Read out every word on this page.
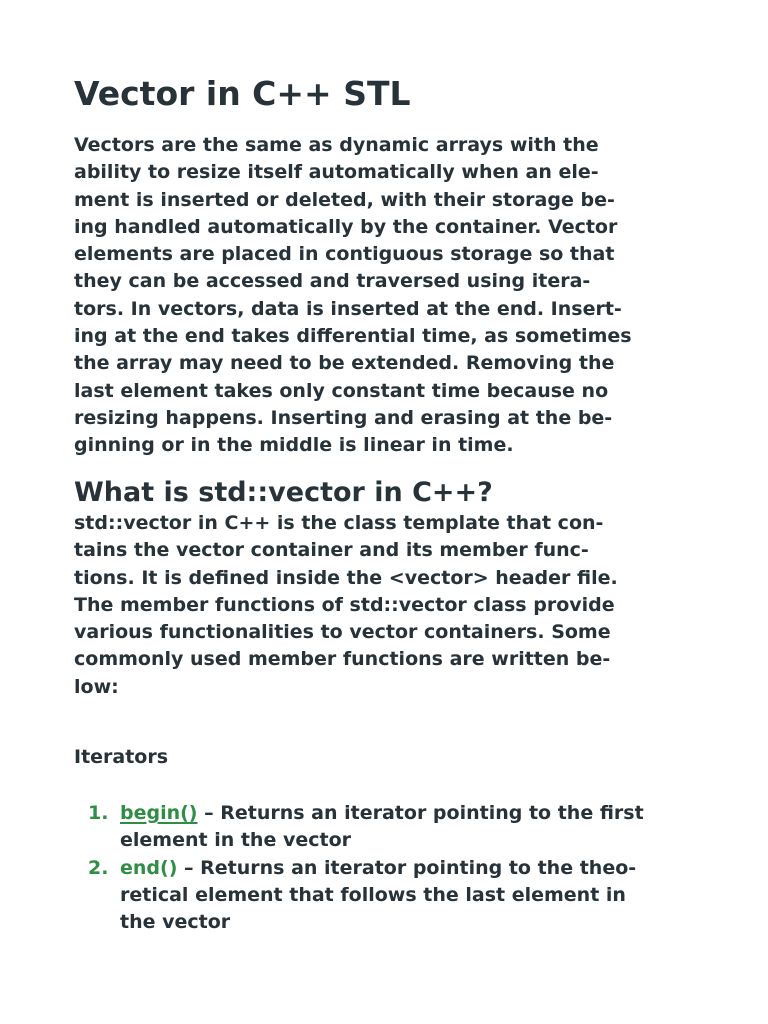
Vector in C++ STL

Vectors are the same as dynamic arrays with the
ability to resize itself automatically when an ele-
ment is inserted or deleted, with their storage be-
ing handled automatically by the container. Vector
elements are placed in contiguous storage so that
they can be accessed and traversed using itera-
tors. In vectors, data is inserted at the end. Insert-
ing at the end takes differential time, as sometimes
the array may need to be extended. Removing the
last element takes only constant time because no
resizing happens. Inserting and erasing at the be-
ginning or in the middle is linear in time.

What is std::vector in C++?

std::vector in C++ is the class template that con-
tains the vector container and its member func-
tions. It is defined inside the <vector> header file.
The member functions of std::vector class provide
various functionalities to vector containers. Some
commonly used member functions are written be-
low:

Iterators
1. begin() – Returns an iterator pointing to the first
element in the vector
2. end() – Returns an iterator pointing to the theo-
retical element that follows the last element in
the vector
